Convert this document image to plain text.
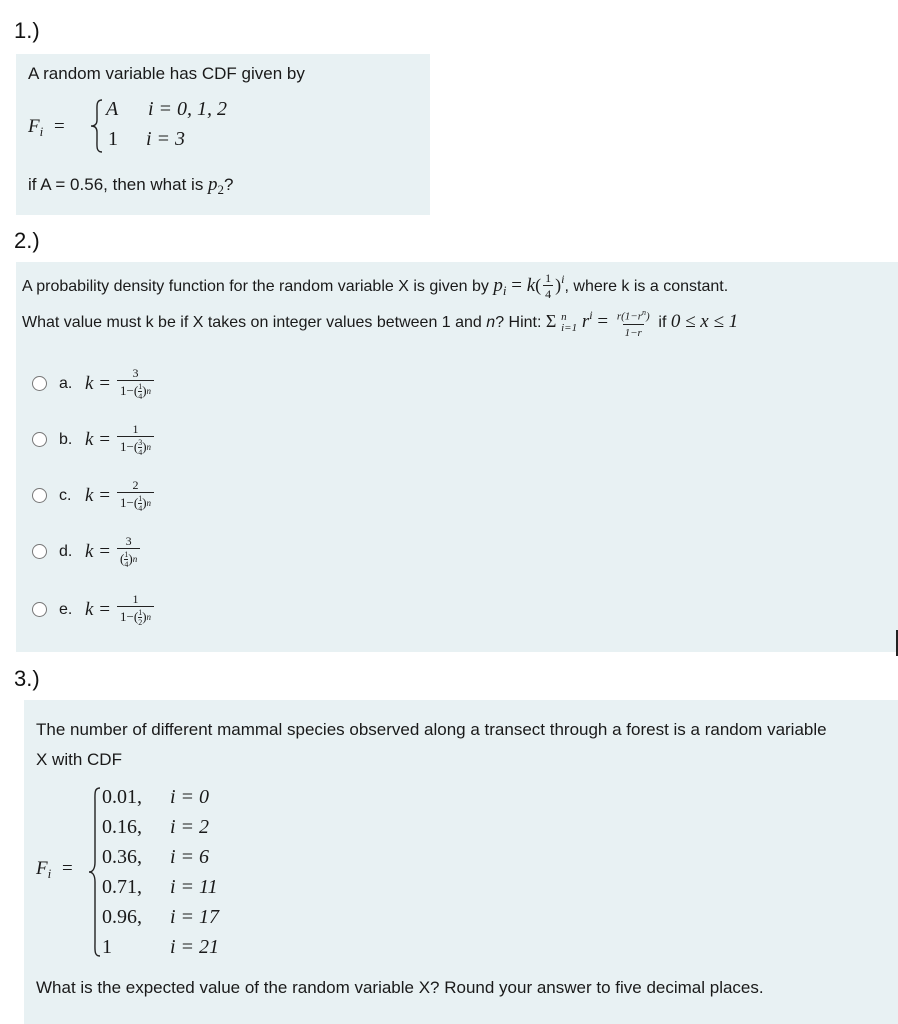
1.)
A random variable has CDF given by
$F_i$ =
A i = 0, 1, 2
1 i = 3
if A = 0.56, then what is $p_2$?
2.)
A probability density function for the random variable X is given by $p_i = k( \frac{1}{4} )^i$, where k is a constant.
What value must k be if X takes on integer values between 1 and n? Hint: Σ n
i=1 $r^i = \frac{r(1-r^n)}{1-r}$ if 0 ≤ x ≤ 1
a. $k = \frac{3}{1- ( \frac{1}{4} ) n}$
b. $k = \frac{1}{1- ( \frac{3}{4} ) n}$
c. $k = \frac{2}{1- ( \frac{1}{4} ) n}$
d. $k = \frac{3}{( \frac{1}{4} ) n}$
e. $k = \frac{1}{1- ( \frac{1}{2} ) n}$
3.)
The number of different mammal species observed along a transect through a forest is a random variable
X with CDF
$F_i$ =
0.01, i = 0
0.16, i = 2
0.36, i = 6
0.71, i = 11
0.96, i = 17
1	i = 21
What is the expected value of the random variable X? Round your answer to five decimal places.
